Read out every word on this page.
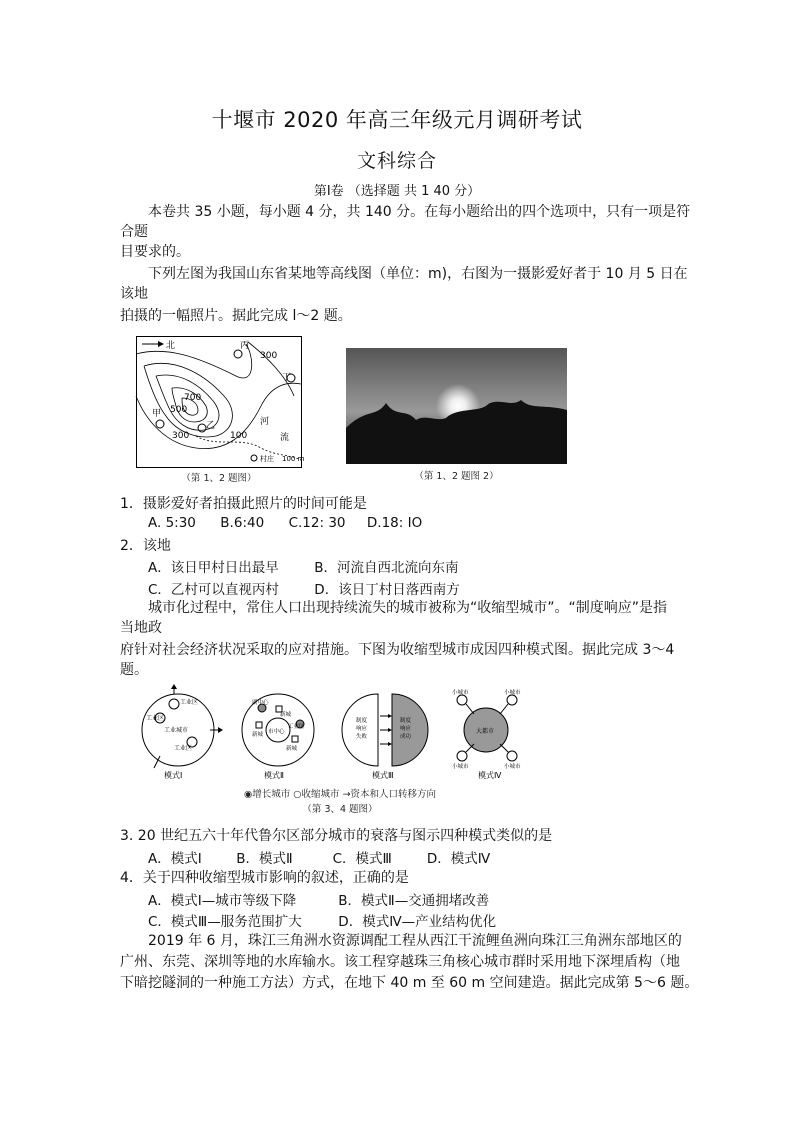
十堰市 2020 年高三年级元月调研考试
文科综合
第Ⅰ卷 （选择题 共 1 40 分）
本卷共 35 小题，每小题 4 分，共 140 分。在每小题给出的四个选项中，只有一项是符
合题
目要求的。
下列左图为我国山东省某地等高线图（单位：m)，右图为一摄影爱好者于 10 月 5 日在
该地
拍摄的一幅照片。据此完成 l～2 题。
北	丙
丁
甲
乙
300
700
500
300	100
河
流
村庄 100 m
（第 1、2 题图）	（第 1、2 题图 2）
1．摄影爱好者拍摄此照片的时间可能是
A. 5:30 B.6:40 C.12: 30 D.18: IO
2．该地
A．该日甲村日出最早	B．河流自西北流向东南
C．乙村可以直视丙村	D．该日丁村日落西南方
城市化过程中，常住人口出现持续流失的城市被称为“收缩型城市”。“制度响应”是指
当地政
府针对社会经济状况采取的应对措施。下图为收缩型城市成因四种模式图。据此完成 3～4
题。
工业区
工业区
工业城市
工业区
模式Ⅰ
副中心
新城
市中心
工业区
新城
新城
模式Ⅱ
制度
响应
失败
制度
响应
成功
模式Ⅲ
大都市
小城市	小城市
小城市	小城市
模式Ⅳ
◉增长城市 ○收缩城市 →资本和人口转移方向
（第 3、4 题图）
3. 20 世纪五六十年代鲁尔区部分城市的衰落与图示四种模式类似的是
A．模式Ⅰ	B．模式Ⅱ	C．模式Ⅲ	D．模式Ⅳ
4．关于四种收缩型城市影响的叙述，正确的是
A．模式Ⅰ—城市等级下降	B．模式Ⅱ—交通拥堵改善
C．模式Ⅲ—服务范围扩大	D．模式Ⅳ—产业结构优化
2019 年 6 月，珠江三角洲水资源调配工程从西江干流鲤鱼洲向珠江三角洲东部地区的
广州、东莞、深圳等地的水库输水。该工程穿越珠三角核心城市群时采用地下深埋盾构（地
下暗挖隧洞的一种施工方法）方式，在地下 40 m 至 60 m 空间建造。据此完成第 5～6 题。
